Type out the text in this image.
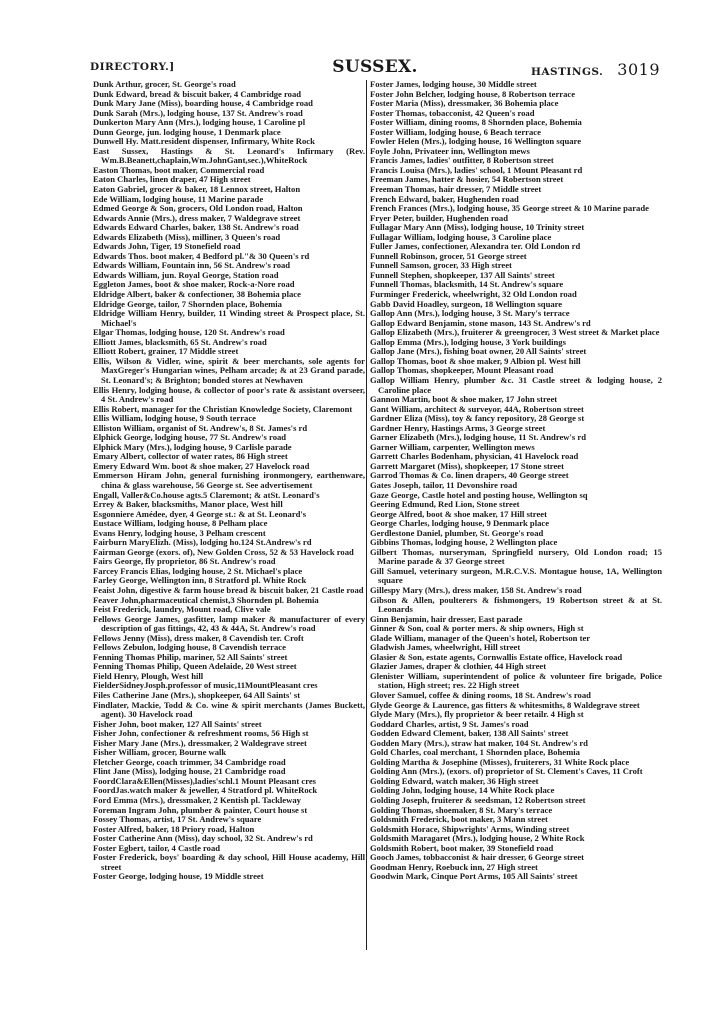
DIRECTORY.]	SUSSEX.	HASTINGS. 3019
Dunk Arthur, grocer, St. George's road
Dunk Edward, bread & biscuit baker, 4 Cambridge road
Dunk Mary Jane (Miss), boarding house, 4 Cambridge road
Dunk Sarah (Mrs.), lodging house, 137 St. Andrew's road
Dunkerton Mary Ann (Mrs.), lodging house, 1 Caroline pl
Dunn George, jun. lodging house, 1 Denmark place
Dunwell Hy. Matt.resident dispenser, Infirmary, White Rock
East Sussex, Hastings & St. Leonard's Infirmary (Rev. Wm.B.Beanett,chaplain,Wm.JohnGant,sec.),WhiteRock
Easton Thomas, boot maker, Commercial road
Eaton Charles, linen draper, 47 High street
Eaton Gabriel, grocer & baker, 18 Lennox street, Halton
Ede William, lodging house, 11 Marine parade
Edmed George & Son, grocers, Old London road, Halton
Edwards Annie (Mrs.), dress maker, 7 Waldegrave street
Edwards Edward Charles, baker, 138 St. Andrew's road
Edwards Elizabeth (Miss), milliner, 3 Queen's road
Edwards John, Tiger, 19 Stonefield road
Edwards Thos. boot maker, 4 Bedford pl."& 30 Queen's rd
Edwards William, Fountain inn, 56 St. Andrew's road
Edwards William, jun. Royal George, Station road
Eggleton James, boot & shoe maker, Rock-a-Nore road
Eldridge Albert, baker & confectioner, 38 Bohemia place
Eldridge George, tailor, 7 Shornden place, Bohemia
Eldridge William Henry, builder, 11 Winding street & Prospect place, St. Michael's
Elgar Thomas, lodging house, 120 St. Andrew's road
Elliott James, blacksmith, 65 St. Andrew's road
Elliott Robert, grainer, 17 Middle street
Ellis, Wilson & Vidler, wine, spirit & beer merchants, sole agents for MaxGreger's Hungarian wines, Pelham arcade; & at 23 Grand parade, St. Leonard's; & Brighton; bonded stores at Newhaven
Ellis Henry, lodging house, & collector of poor's rate & assistant overseer, 4 St. Andrew's road
Ellis Robert, manager for the Christian Knowledge Society, Claremont
Ellis William, lodging house, 9 South terrace
Elliston William, organist of St. Andrew's, 8 St. James's rd
Elphick George, lodging house, 77 St. Andrew's road
Elphick Mary (Mrs.), lodging house, 9 Carlisle parade
Emary Albert, collector of water rates, 86 High street
Emery Edward Wm. boot & shoe maker, 27 Havelock road
Emmerson Hiram John, general furnishing ironmongery, earthenware, china & glass warehouse, 56 George st. See advertisement
Engall, Valler&Co.house agts.5 Claremont; & atSt. Leonard's
Errey & Baker, blacksmiths, Manor place, West hill
Esgonniere Amédee, dyer, 4 George st.: & at St. Leonard's
Eustace William, lodging house, 8 Pelham place
Evans Henry, lodging house, 3 Pelham crescent
Fairburn MaryElizh. (Miss), lodging ho.124 St.Andrew's rd
Fairman George (exors. of), New Golden Cross, 52 & 53 Havelock road
Fairs George, fly proprietor, 86 St. Andrew's road
Farcey Francis Elias, lodging house, 2 St. Michael's place
Farley George, Wellington inn, 8 Stratford pl. White Rock
Feaist John, digestive & farm house bread & biscuit baker, 21 Castle road
Feaver John,pharmaceutical chemist,3 Shornden pl. Bohemia
Feist Frederick, laundry, Mount road, Clive vale
Fellows George James, gasfitter, lamp maker & manufacturer of every description of gas fittings, 42, 43 & 44A, St. Andrew's road
Fellows Jenny (Miss), dress maker, 8 Cavendish ter. Croft
Fellows Zebulon, lodging house, 8 Cavendish terrace
Fenning Thomas Philip, mariner, 52 All Saints' street
Fenning Thomas Philip, Queen Adelaide, 20 West street
Field Henry, Plough, West hill
FielderSidneyJosph.professor of music,11MountPleasant cres
Files Catherine Jane (Mrs.), shopkeeper, 64 All Saints' st
Findlater, Mackie, Todd & Co. wine & spirit merchants (James Buckett, agent). 30 Havelock road
Fisher John, boot maker, 127 All Saints' street
Fisher John, confectioner & refreshment rooms, 56 High st
Fisher Mary Jane (Mrs.), dressmaker, 2 Waldegrave street
Fisher William, grocer, Bourne walk
Fletcher George, coach trimmer, 34 Cambridge road
Flint Jane (Miss), lodging house, 21 Cambridge road
FoordClara&Ellen(Misses),ladies'schl.1 Mount Pleasant cres
FoordJas.watch maker & jeweller, 4 Stratford pl. WhiteRock
Ford Emma (Mrs.), dressmaker, 2 Kentish pl. Tackleway
Foreman Ingram John, plumber & painter, Court house st
Fossey Thomas, artist, 17 St. Andrew's square
Foster Alfred, baker, 18 Priory road, Halton
Foster Catherine Ann (Miss), day school, 32 St. Andrew's rd
Foster Egbert, tailor, 4 Castle road
Foster Frederick, boys' boarding & day school, Hill House academy, Hill street
Foster George, lodging house, 19 Middle street
Foster James, lodging house, 30 Middle street
Foster John Belcher, lodging house, 8 Robertson terrace
Foster Maria (Miss), dressmaker, 36 Bohemia place
Foster Thomas, tobacconist, 42 Queen's road
Foster William, dining rooms, 8 Shornden place, Bohemia
Foster William, lodging house, 6 Beach terrace
Fowler Helen (Mrs.), lodging house, 16 Wellington square
Foyle John, Privateer inn, Wellington mews
Francis James, ladies' outfitter, 8 Robertson street
Francis Louisa (Mrs.), ladies' school, 1 Mount Pleasant rd
Freeman James, hatter & hosier, 54 Robertson street
Freeman Thomas, hair dresser, 7 Middle street
French Edward, baker, Hughenden road
French Frances (Mrs.), lodging house, 35 George street & 10 Marine parade
Fryer Peter, builder, Hughenden road
Fullagar Mary Ann (Miss), lodging house, 10 Trinity street
Fullagar William, lodging house, 3 Caroline place
Fuller James, confectioner, Alexandra ter. Old London rd
Funnell Robinson, grocer, 51 George street
Funnell Samson, grocer, 33 High street
Funnell Stephen, shopkeeper, 137 All Saints' street
Funnell Thomas, blacksmith, 14 St. Andrew's square
Furminger Frederick, wheelwright, 32 Old London road
Gabb David Hoadley, surgeon, 18 Wellington square
Gallop Ann (Mrs.), lodging house, 3 St. Mary's terrace
Gallop Edward Benjamin, stone mason, 143 St. Andrew's rd
Gallop Elizabeth (Mrs.), fruiterer & greengrocer, 3 West street & Market place
Gallop Emma (Mrs.), lodging house, 3 York buildings
Gallop Jane (Mrs.), fishing boat owner, 20 All Saints' street
Gallop Thomas, boot & shoe maker, 9 Albion pl. West hill
Gallop Thomas, shopkeeper, Mount Pleasant road
Gallop William Henry, plumber &c. 31 Castle street & lodging house, 2 Caroline place
Gannon Martin, boot & shoe maker, 17 John street
Gant William, architect & surveyor, 44A, Robertson street
Gardner Eliza (Miss), toy & fancy repository, 28 George st
Gardner Henry, Hastings Arms, 3 George street
Garner Elizabeth (Mrs.), lodging house, 11 St. Andrew's rd
Garner William, carpenter, Wellington mews
Garrett Charles Bodenham, physician, 41 Havelock road
Garrett Margaret (Miss), shopkeeper, 17 Stone street
Garrod Thomas & Co. linen drapers, 40 George street
Gates Joseph, tailor, 11 Devonshire road
Gaze George, Castle hotel and posting house, Wellington sq
Geering Edmund, Red Lion, Stone street
George Alfred, boot & shoe maker, 17 Hill street
George Charles, lodging house, 9 Denmark place
Gerdlestone Daniel, plumber, St. George's road
Gibbins Thomas, lodging house, 2 Wellington place
Gilbert Thomas, nurseryman, Springfield nursery, Old London road; 15 Marine parade & 37 George street
Gill Samuel, veterinary surgeon, M.R.C.V.S. Montague house, 1A, Wellington square
Gillespy Mary (Mrs.), dress maker, 158 St. Andrew's road
Gibson & Allen, poulterers & fishmongers, 19 Robertson street & at St. Leonards
Ginn Benjamin, hair dresser, East parade
Ginner & Son, coal & porter mers. & ship owners, High st
Glade William, manager of the Queen's hotel, Robertson ter
Gladwish James, wheelwright, Hill street
Glasier & Son, estate agents, Cornwallis Estate office, Havelock road
Glazier James, draper & clothier, 44 High street
Glenister William, superintendent of police & volunteer fire brigade, Police station, High street; res. 22 High street
Glover Samuel, coffee & dining rooms, 18 St. Andrew's road
Glyde George & Laurence, gas fitters & whitesmiths, 8 Waldegrave street
Glyde Mary (Mrs.), fly proprietor & beer retailr. 4 High st
Goddard Charles, artist, 9 St. James's road
Godden Edward Clement, baker, 138 All Saints' street
Godden Mary (Mrs.), straw hat maker, 104 St. Andrew's rd
Gold Charles, coal merchant, 1 Shornden place, Bohemia
Golding Martha & Josephine (Misses), fruiterers, 31 White Rock place
Golding Ann (Mrs.), (exors. of) proprietor of St. Clement's Caves, 11 Croft
Golding Edward, watch maker, 36 High street
Golding John, lodging house, 14 White Rock place
Golding Joseph, fruiterer & seedsman, 12 Robertson street
Golding Thomas, shoemaker, 8 St. Mary's terrace
Goldsmith Frederick, boot maker, 3 Mann street
Goldsmith Horace, Shipwrights' Arms, Winding street
Goldsmith Maragaret (Mrs.), lodging house, 2 White Rock
Goldsmith Robert, boot maker, 39 Stonefield road
Gooch James, tobbacconist & hair dresser, 6 George street
Goodman Henry, Roebuck inn, 27 High street
Goodwin Mark, Cinque Port Arms, 105 All Saints' street
